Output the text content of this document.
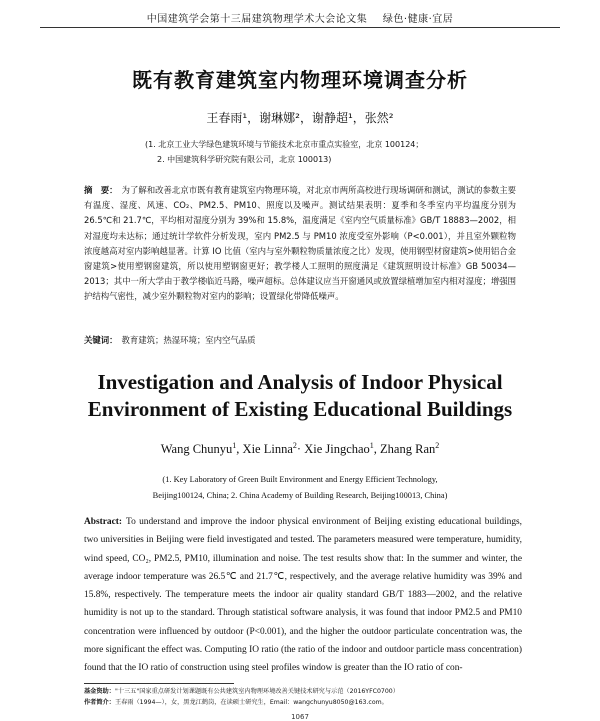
中国建筑学会第十三届建筑物理学术大会论文集 绿色·健康·宜居
既有教育建筑室内物理环境调查分析
王春雨¹，谢琳娜²，谢静超¹，张然²
(1. 北京工业大学绿色建筑环境与节能技术北京市重点实验室，北京 100124；
2. 中国建筑科学研究院有限公司，北京 100013)
摘　要： 为了解和改善北京市既有教育建筑室内物理环境，对北京市两所高校进行现场调研和测试，测试的参数主要有温度、湿度、风速、CO₂、PM2.5、PM10、照度以及噪声。测试结果表明：夏季和冬季室内平均温度分别为 26.5℃和 21.7℃，平均相对湿度分别为 39%和 15.8%，温度满足《室内空气质量标准》GB/T 18883—2002，相对湿度均未达标；通过统计学软件分析发现，室内 PM2.5 与 PM10 浓度受室外影响（P<0.001），并且室外颗粒物浓度越高对室内影响越显著。计算 IO 比值（室内与室外颗粒物质量浓度之比）发现，使用钢型材窗建筑>使用铝合金窗建筑>使用塑钢窗建筑，所以使用塑钢窗更好；教学楼人工照明的照度满足《建筑照明设计标准》GB 50034—2013；其中一所大学由于教学楼临近马路，噪声超标。总体建议应当开窗通风或放置绿植增加室内相对湿度；增强围护结构气密性，减少室外颗粒物对室内的影响；设置绿化带降低噪声。
关键词： 教育建筑；热湿环境；室内空气品质
Investigation and Analysis of Indoor Physical
Environment of Existing Educational Buildings
Wang Chunyu$^1$, Xie Linna$^2$· Xie Jingchao$^1$, Zhang Ran$^2$
(1. Key Laboratory of Green Built Environment and Energy Efficient Technology,
Beijing100124, China; 2. China Academy of Building Research, Beijing100013, China)
Abstract: To understand and improve the indoor physical environment of Beijing existing educational buildings, two universities in Beijing were field investigated and tested. The parameters measured were temperature, humidity, wind speed, CO₂, PM2.5, PM10, illumination and noise. The test results show that: In the summer and winter, the average indoor temperature was 26.5℃ and 21.7℃, respectively, and the average relative humidity was 39% and 15.8%, respectively. The temperature meets the indoor air quality standard GB/T 1883—2002, and the relative humidity is not up to the standard. Through statistical software analysis, it was found that indoor PM2.5 and PM10 concentration were influenced by outdoor (P<0.001), and the higher the outdoor particulate concentration was, the more significant the effect was. Computing IO ratio (the ratio of the indoor and outdoor particle mass concentration) found that the IO ratio of construction using steel profiles window is greater than the IO ratio of con-
基金资助："十三五"国家重点研发计划课题既有公共建筑室内物理环境改善关键技术研究与示范（2016YFC0700）
作者简介：王春雨（1994—），女，黑龙江鹤岗，在读硕士研究生，Email：wangchunyu8050@163.com。
1067
